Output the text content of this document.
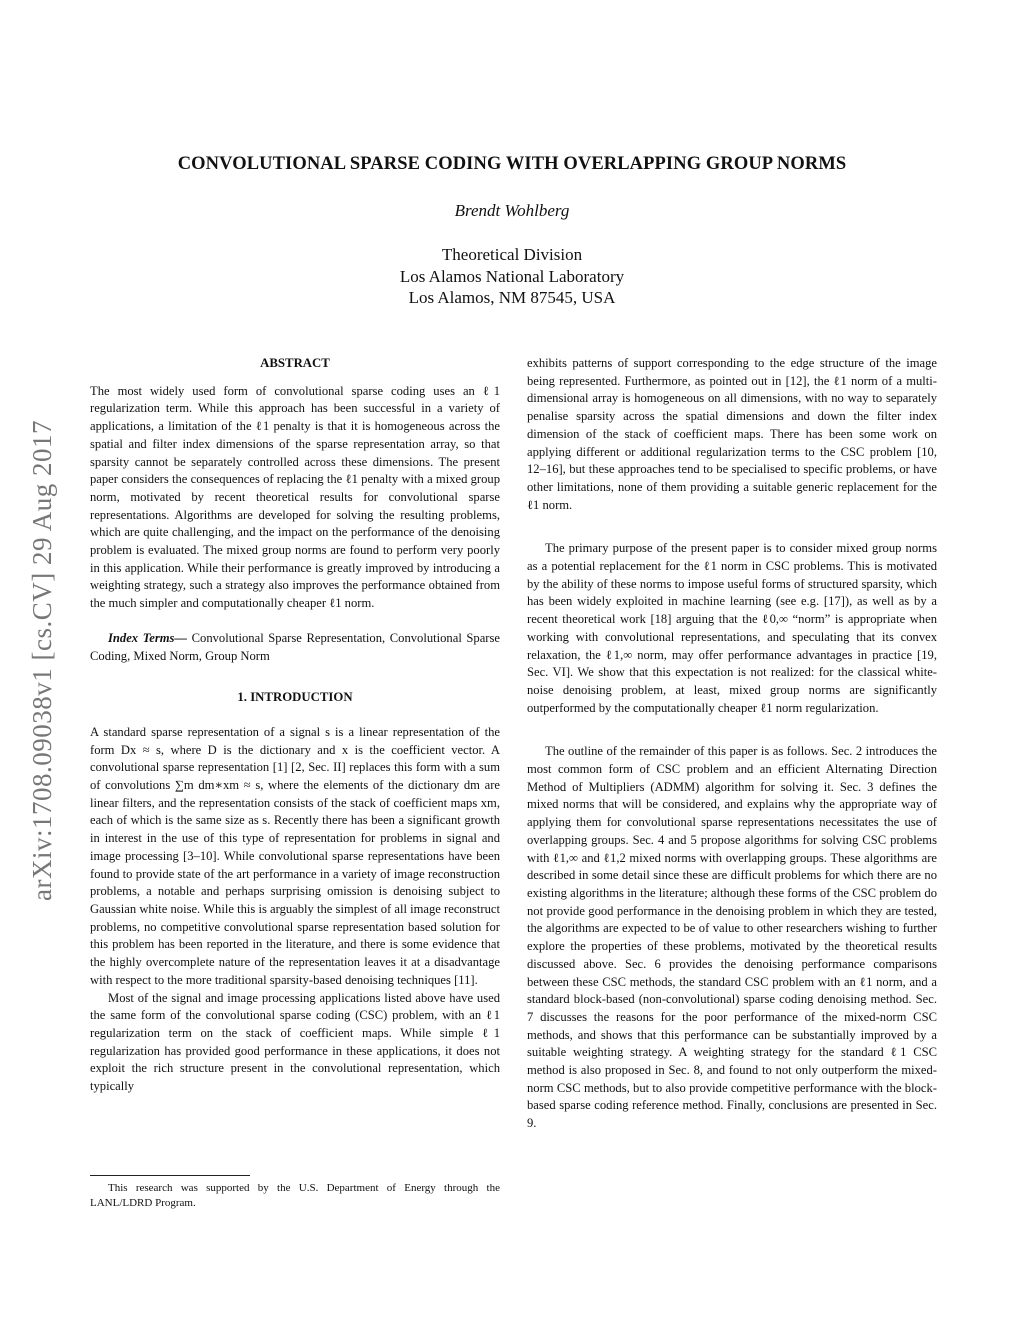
arXiv:1708.09038v1 [cs.CV] 29 Aug 2017
CONVOLUTIONAL SPARSE CODING WITH OVERLAPPING GROUP NORMS
Brendt Wohlberg
Theoretical Division
Los Alamos National Laboratory
Los Alamos, NM 87545, USA
ABSTRACT

The most widely used form of convolutional sparse coding uses an ℓ1 regularization term. While this approach has been successful in a variety of applications, a limitation of the ℓ1 penalty is that it is homogeneous across the spatial and filter index dimensions of the sparse representation array, so that sparsity cannot be separately controlled across these dimensions. The present paper considers the consequences of replacing the ℓ1 penalty with a mixed group norm, motivated by recent theoretical results for convolutional sparse representations. Algorithms are developed for solving the resulting problems, which are quite challenging, and the impact on the performance of the denoising problem is evaluated. The mixed group norms are found to perform very poorly in this application. While their performance is greatly improved by introducing a weighting strategy, such a strategy also improves the performance obtained from the much simpler and computationally cheaper ℓ1 norm.

Index Terms— Convolutional Sparse Representation, Convolutional Sparse Coding, Mixed Norm, Group Norm

1. INTRODUCTION

A standard sparse representation of a signal s is a linear representation of the form Dx ≈ s, where D is the dictionary and x is the coefficient vector. A convolutional sparse representation [1] [2, Sec. II] replaces this form with a sum of convolutions ∑m dm∗xm ≈ s, where the elements of the dictionary dm are linear filters, and the representation consists of the stack of coefficient maps xm, each of which is the same size as s. Recently there has been a significant growth in interest in the use of this type of representation for problems in signal and image processing [3–10]. While convolutional sparse representations have been found to provide state of the art performance in a variety of image reconstruction problems, a notable and perhaps surprising omission is denoising subject to Gaussian white noise. While this is arguably the simplest of all image reconstruct problems, no competitive convolutional sparse representation based solution for this problem has been reported in the literature, and there is some evidence that the highly overcomplete nature of the representation leaves it at a disadvantage with respect to the more traditional sparsity-based denoising techniques [11].

Most of the signal and image processing applications listed above have used the same form of the convolutional sparse coding (CSC) problem, with an ℓ1 regularization term on the stack of coefficient maps. While simple ℓ1 regularization has provided good performance in these applications, it does not exploit the rich structure present in the convolutional representation, which typically

exhibits patterns of support corresponding to the edge structure of the image being represented. Furthermore, as pointed out in [12], the ℓ1 norm of a multi-dimensional array is homogeneous on all dimensions, with no way to separately penalise sparsity across the spatial dimensions and down the filter index dimension of the stack of coefficient maps. There has been some work on applying different or additional regularization terms to the CSC problem [10, 12–16], but these approaches tend to be specialised to specific problems, or have other limitations, none of them providing a suitable generic replacement for the ℓ1 norm.

The primary purpose of the present paper is to consider mixed group norms as a potential replacement for the ℓ1 norm in CSC problems. This is motivated by the ability of these norms to impose useful forms of structured sparsity, which has been widely exploited in machine learning (see e.g. [17]), as well as by a recent theoretical work [18] arguing that the ℓ0,∞ “norm” is appropriate when working with convolutional representations, and speculating that its convex relaxation, the ℓ1,∞ norm, may offer performance advantages in practice [19, Sec. VI]. We show that this expectation is not realized: for the classical white-noise denoising problem, at least, mixed group norms are significantly outperformed by the computationally cheaper ℓ1 norm regularization.

The outline of the remainder of this paper is as follows. Sec. 2 introduces the most common form of CSC problem and an efficient Alternating Direction Method of Multipliers (ADMM) algorithm for solving it. Sec. 3 defines the mixed norms that will be considered, and explains why the appropriate way of applying them for convolutional sparse representations necessitates the use of overlapping groups. Sec. 4 and 5 propose algorithms for solving CSC problems with ℓ1,∞ and ℓ1,2 mixed norms with overlapping groups. These algorithms are described in some detail since these are difficult problems for which there are no existing algorithms in the literature; although these forms of the CSC problem do not provide good performance in the denoising problem in which they are tested, the algorithms are expected to be of value to other researchers wishing to further explore the properties of these problems, motivated by the theoretical results discussed above. Sec. 6 provides the denoising performance comparisons between these CSC methods, the standard CSC problem with an ℓ1 norm, and a standard block-based (non-convolutional) sparse coding denoising method. Sec. 7 discusses the reasons for the poor performance of the mixed-norm CSC methods, and shows that this performance can be substantially improved by a suitable weighting strategy. A weighting strategy for the standard ℓ1 CSC method is also proposed in Sec. 8, and found to not only outperform the mixed-norm CSC methods, but to also provide competitive performance with the block-based sparse coding reference method. Finally, conclusions are presented in Sec. 9.

This research was supported by the U.S. Department of Energy through the LANL/LDRD Program.
